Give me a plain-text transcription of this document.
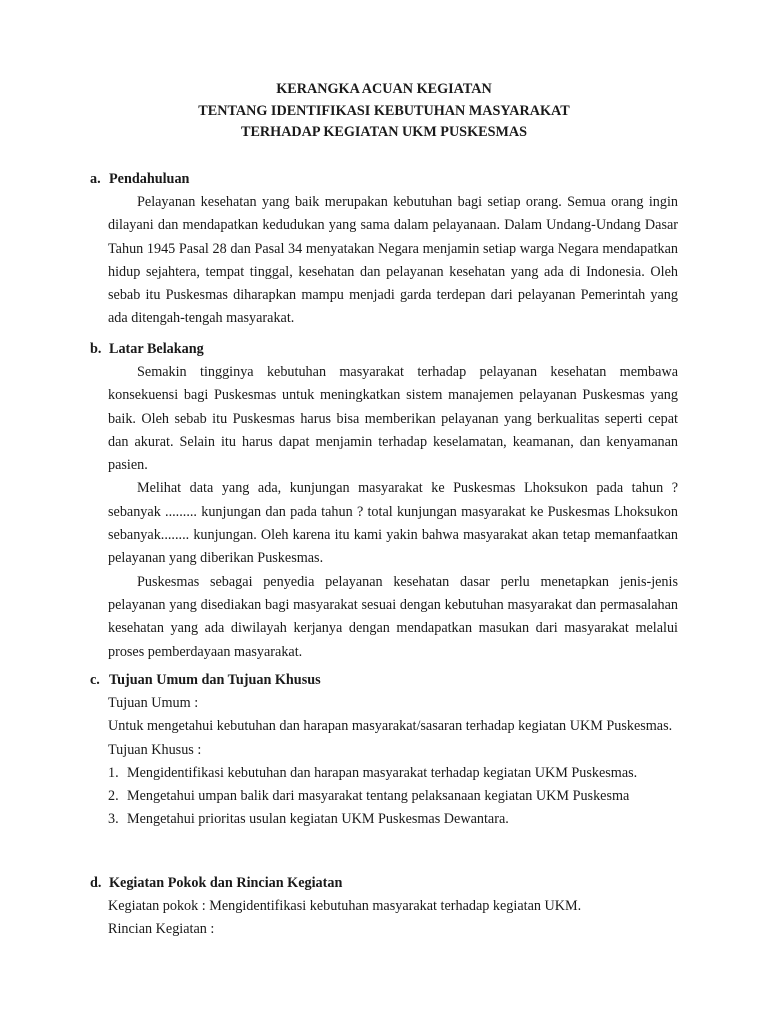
KERANGKA ACUAN KEGIATAN
TENTANG IDENTIFIKASI KEBUTUHAN MASYARAKAT
TERHADAP KEGIATAN UKM PUSKESMAS
a. Pendahuluan

Pelayanan kesehatan yang baik merupakan kebutuhan bagi setiap orang. Semua orang ingin dilayani dan mendapatkan kedudukan yang sama dalam pelayanaan. Dalam Undang-Undang Dasar Tahun 1945 Pasal 28 dan Pasal 34 menyatakan Negara menjamin setiap warga Negara mendapatkan hidup sejahtera, tempat tinggal, kesehatan dan pelayanan kesehatan yang ada di Indonesia. Oleh sebab itu Puskesmas diharapkan mampu menjadi garda terdepan dari pelayanan Pemerintah yang ada ditengah-tengah masyarakat.

b. Latar Belakang

Semakin tingginya kebutuhan masyarakat terhadap pelayanan kesehatan membawa konsekuensi bagi Puskesmas untuk meningkatkan sistem manajemen pelayanan Puskesmas yang baik. Oleh sebab itu Puskesmas harus bisa memberikan pelayanan yang berkualitas seperti cepat dan akurat. Selain itu harus dapat menjamin terhadap keselamatan, keamanan, dan kenyamanan pasien.

Melihat data yang ada, kunjungan masyarakat ke Puskesmas Lhoksukon pada tahun ? sebanyak ......... kunjungan dan pada tahun ? total kunjungan masyarakat ke Puskesmas Lhoksukon sebanyak........ kunjungan. Oleh karena itu kami yakin bahwa masyarakat akan tetap memanfaatkan pelayanan yang diberikan Puskesmas.

Puskesmas sebagai penyedia pelayanan kesehatan dasar perlu menetapkan jenis-jenis pelayanan yang disediakan bagi masyarakat sesuai dengan kebutuhan masyarakat dan permasalahan kesehatan yang ada diwilayah kerjanya dengan mendapatkan masukan dari masyarakat melalui proses pemberdayaan masyarakat.

c. Tujuan Umum dan Tujuan Khusus

Tujuan Umum :

Untuk mengetahui kebutuhan dan harapan masyarakat/sasaran terhadap kegiatan UKM Puskesmas.

Tujuan Khusus :

1. Mengidentifikasi kebutuhan dan harapan masyarakat terhadap kegiatan UKM Puskesmas.
2. Mengetahui umpan balik dari masyarakat tentang pelaksanaan kegiatan UKM Puskesma
3. Mengetahui prioritas usulan kegiatan UKM Puskesmas Dewantara.
d. Kegiatan Pokok dan Rincian Kegiatan

Kegiatan pokok : Mengidentifikasi kebutuhan masyarakat terhadap kegiatan UKM.

Rincian Kegiatan :
